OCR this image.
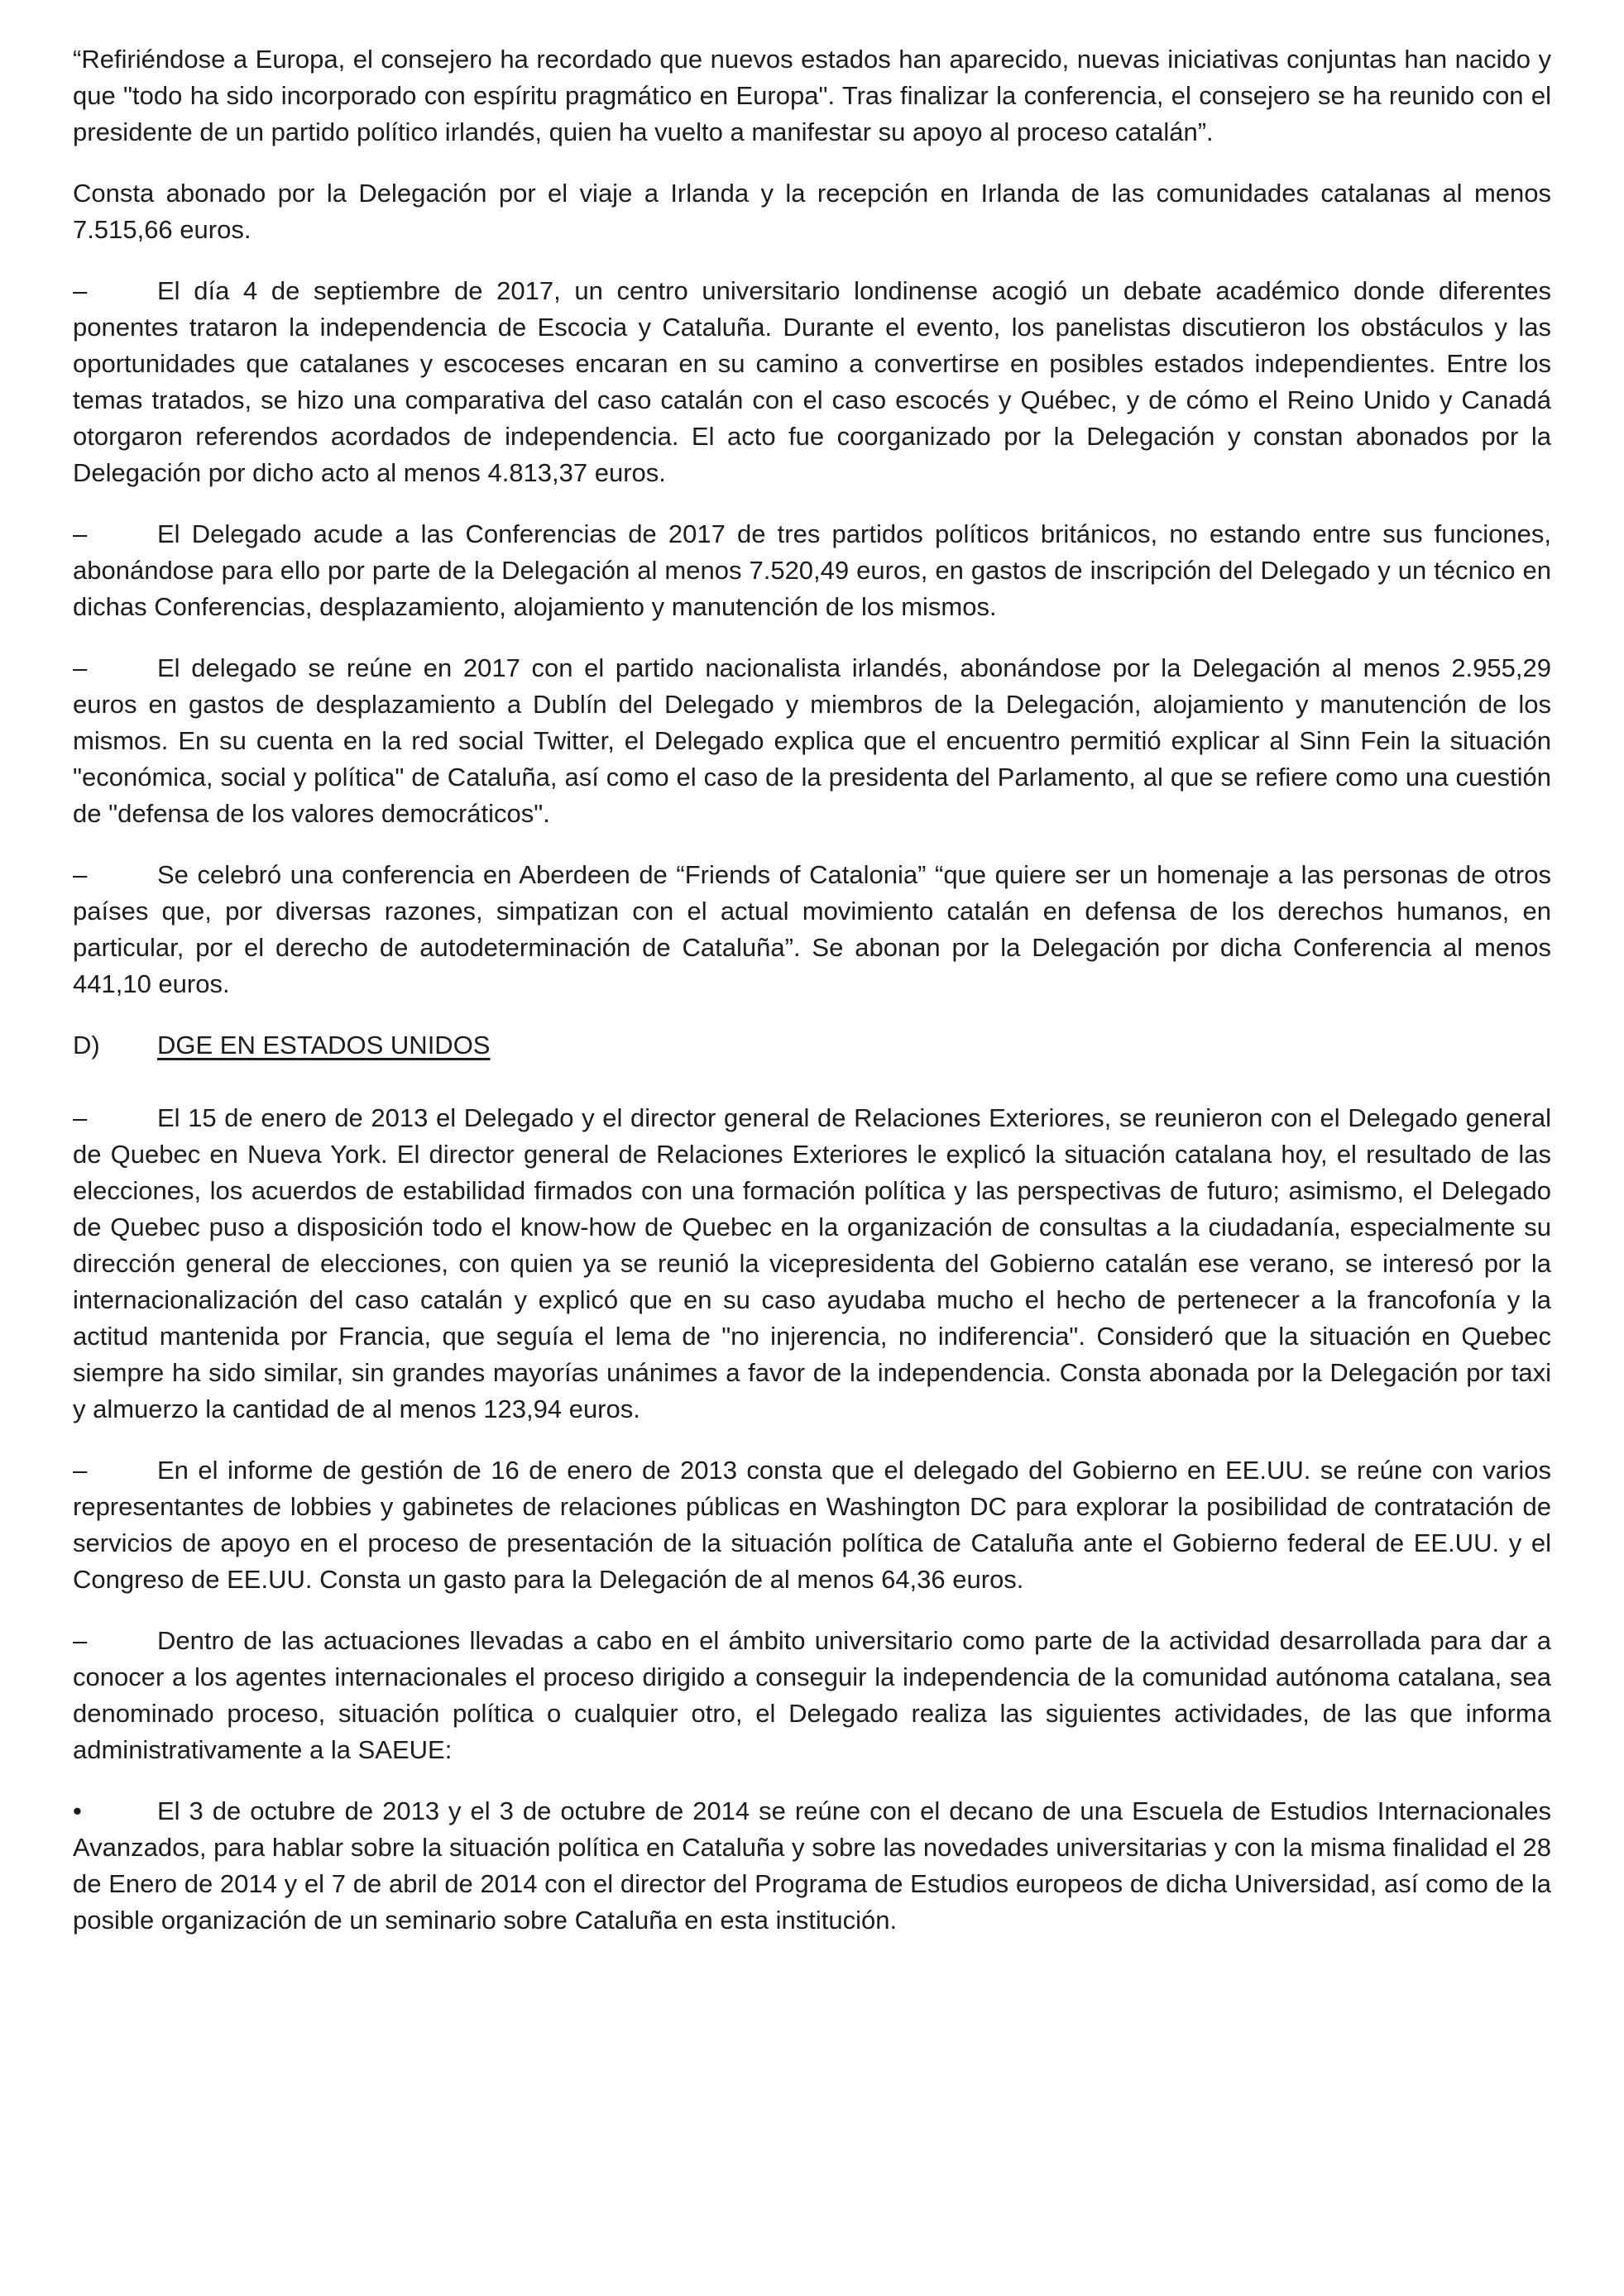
“Refiriéndose a Europa, el consejero ha recordado que nuevos estados han aparecido, nuevas iniciativas conjuntas han nacido y que "todo ha sido incorporado con espíritu pragmático en Europa". Tras finalizar la conferencia, el consejero se ha reunido con el presidente de un partido político irlandés, quien ha vuelto a manifestar su apoyo al proceso catalán”.

Consta abonado por la Delegación por el viaje a Irlanda y la recepción en Irlanda de las comunidades catalanas al menos 7.515,66 euros.

–	El día 4 de septiembre de 2017, un centro universitario londinense acogió un debate académico donde diferentes ponentes trataron la independencia de Escocia y Cataluña. Durante el evento, los panelistas discutieron los obstáculos y las oportunidades que catalanes y escoceses encaran en su camino a convertirse en posibles estados independientes. Entre los temas tratados, se hizo una comparativa del caso catalán con el caso escocés y Québec, y de cómo el Reino Unido y Canadá otorgaron referendos acordados de independencia. El acto fue coorganizado por la Delegación y constan abonados por la Delegación por dicho acto al menos 4.813,37 euros.

–	El Delegado acude a las Conferencias de 2017 de tres partidos políticos británicos, no estando entre sus funciones, abonándose para ello por parte de la Delegación al menos 7.520,49 euros, en gastos de inscripción del Delegado y un técnico en dichas Conferencias, desplazamiento, alojamiento y manutención de los mismos.

–	El delegado se reúne en 2017 con el partido nacionalista irlandés, abonándose por la Delegación al menos 2.955,29 euros en gastos de desplazamiento a Dublín del Delegado y miembros de la Delegación, alojamiento y manutención de los mismos. En su cuenta en la red social Twitter, el Delegado explica que el encuentro permitió explicar al Sinn Fein la situación "económica, social y política" de Cataluña, así como el caso de la presidenta del Parlamento, al que se refiere como una cuestión de "defensa de los valores democráticos".

–	Se celebró una conferencia en Aberdeen de “Friends of Catalonia” “que quiere ser un homenaje a las personas de otros países que, por diversas razones, simpatizan con el actual movimiento catalán en defensa de los derechos humanos, en particular, por el derecho de autodeterminación de Cataluña”. Se abonan por la Delegación por dicha Conferencia al menos 441,10 euros.

D) DGE EN ESTADOS UNIDOS

–	El 15 de enero de 2013 el Delegado y el director general de Relaciones Exteriores, se reunieron con el Delegado general de Quebec en Nueva York. El director general de Relaciones Exteriores le explicó la situación catalana hoy, el resultado de las elecciones, los acuerdos de estabilidad firmados con una formación política y las perspectivas de futuro; asimismo, el Delegado de Quebec puso a disposición todo el know-how de Quebec en la organización de consultas a la ciudadanía, especialmente su dirección general de elecciones, con quien ya se reunió la vicepresidenta del Gobierno catalán ese verano, se interesó por la internacionalización del caso catalán y explicó que en su caso ayudaba mucho el hecho de pertenecer a la francofonía y la actitud mantenida por Francia, que seguía el lema de "no injerencia, no indiferencia". Consideró que la situación en Quebec siempre ha sido similar, sin grandes mayorías unánimes a favor de la independencia. Consta abonada por la Delegación por taxi y almuerzo la cantidad de al menos 123,94 euros.

–	En el informe de gestión de 16 de enero de 2013 consta que el delegado del Gobierno en EE.UU. se reúne con varios representantes de lobbies y gabinetes de relaciones públicas en Washington DC para explorar la posibilidad de contratación de servicios de apoyo en el proceso de presentación de la situación política de Cataluña ante el Gobierno federal de EE.UU. y el Congreso de EE.UU. Consta un gasto para la Delegación de al menos 64,36 euros.

–	Dentro de las actuaciones llevadas a cabo en el ámbito universitario como parte de la actividad desarrollada para dar a conocer a los agentes internacionales el proceso dirigido a conseguir la independencia de la comunidad autónoma catalana, sea denominado proceso, situación política o cualquier otro, el Delegado realiza las siguientes actividades, de las que informa administrativamente a la SAEUE:

•	El 3 de octubre de 2013 y el 3 de octubre de 2014 se reúne con el decano de una Escuela de Estudios Internacionales Avanzados, para hablar sobre la situación política en Cataluña y sobre las novedades universitarias y con la misma finalidad el 28 de Enero de 2014 y el 7 de abril de 2014 con el director del Programa de Estudios europeos de dicha Universidad, así como de la posible organización de un seminario sobre Cataluña en esta institución.
